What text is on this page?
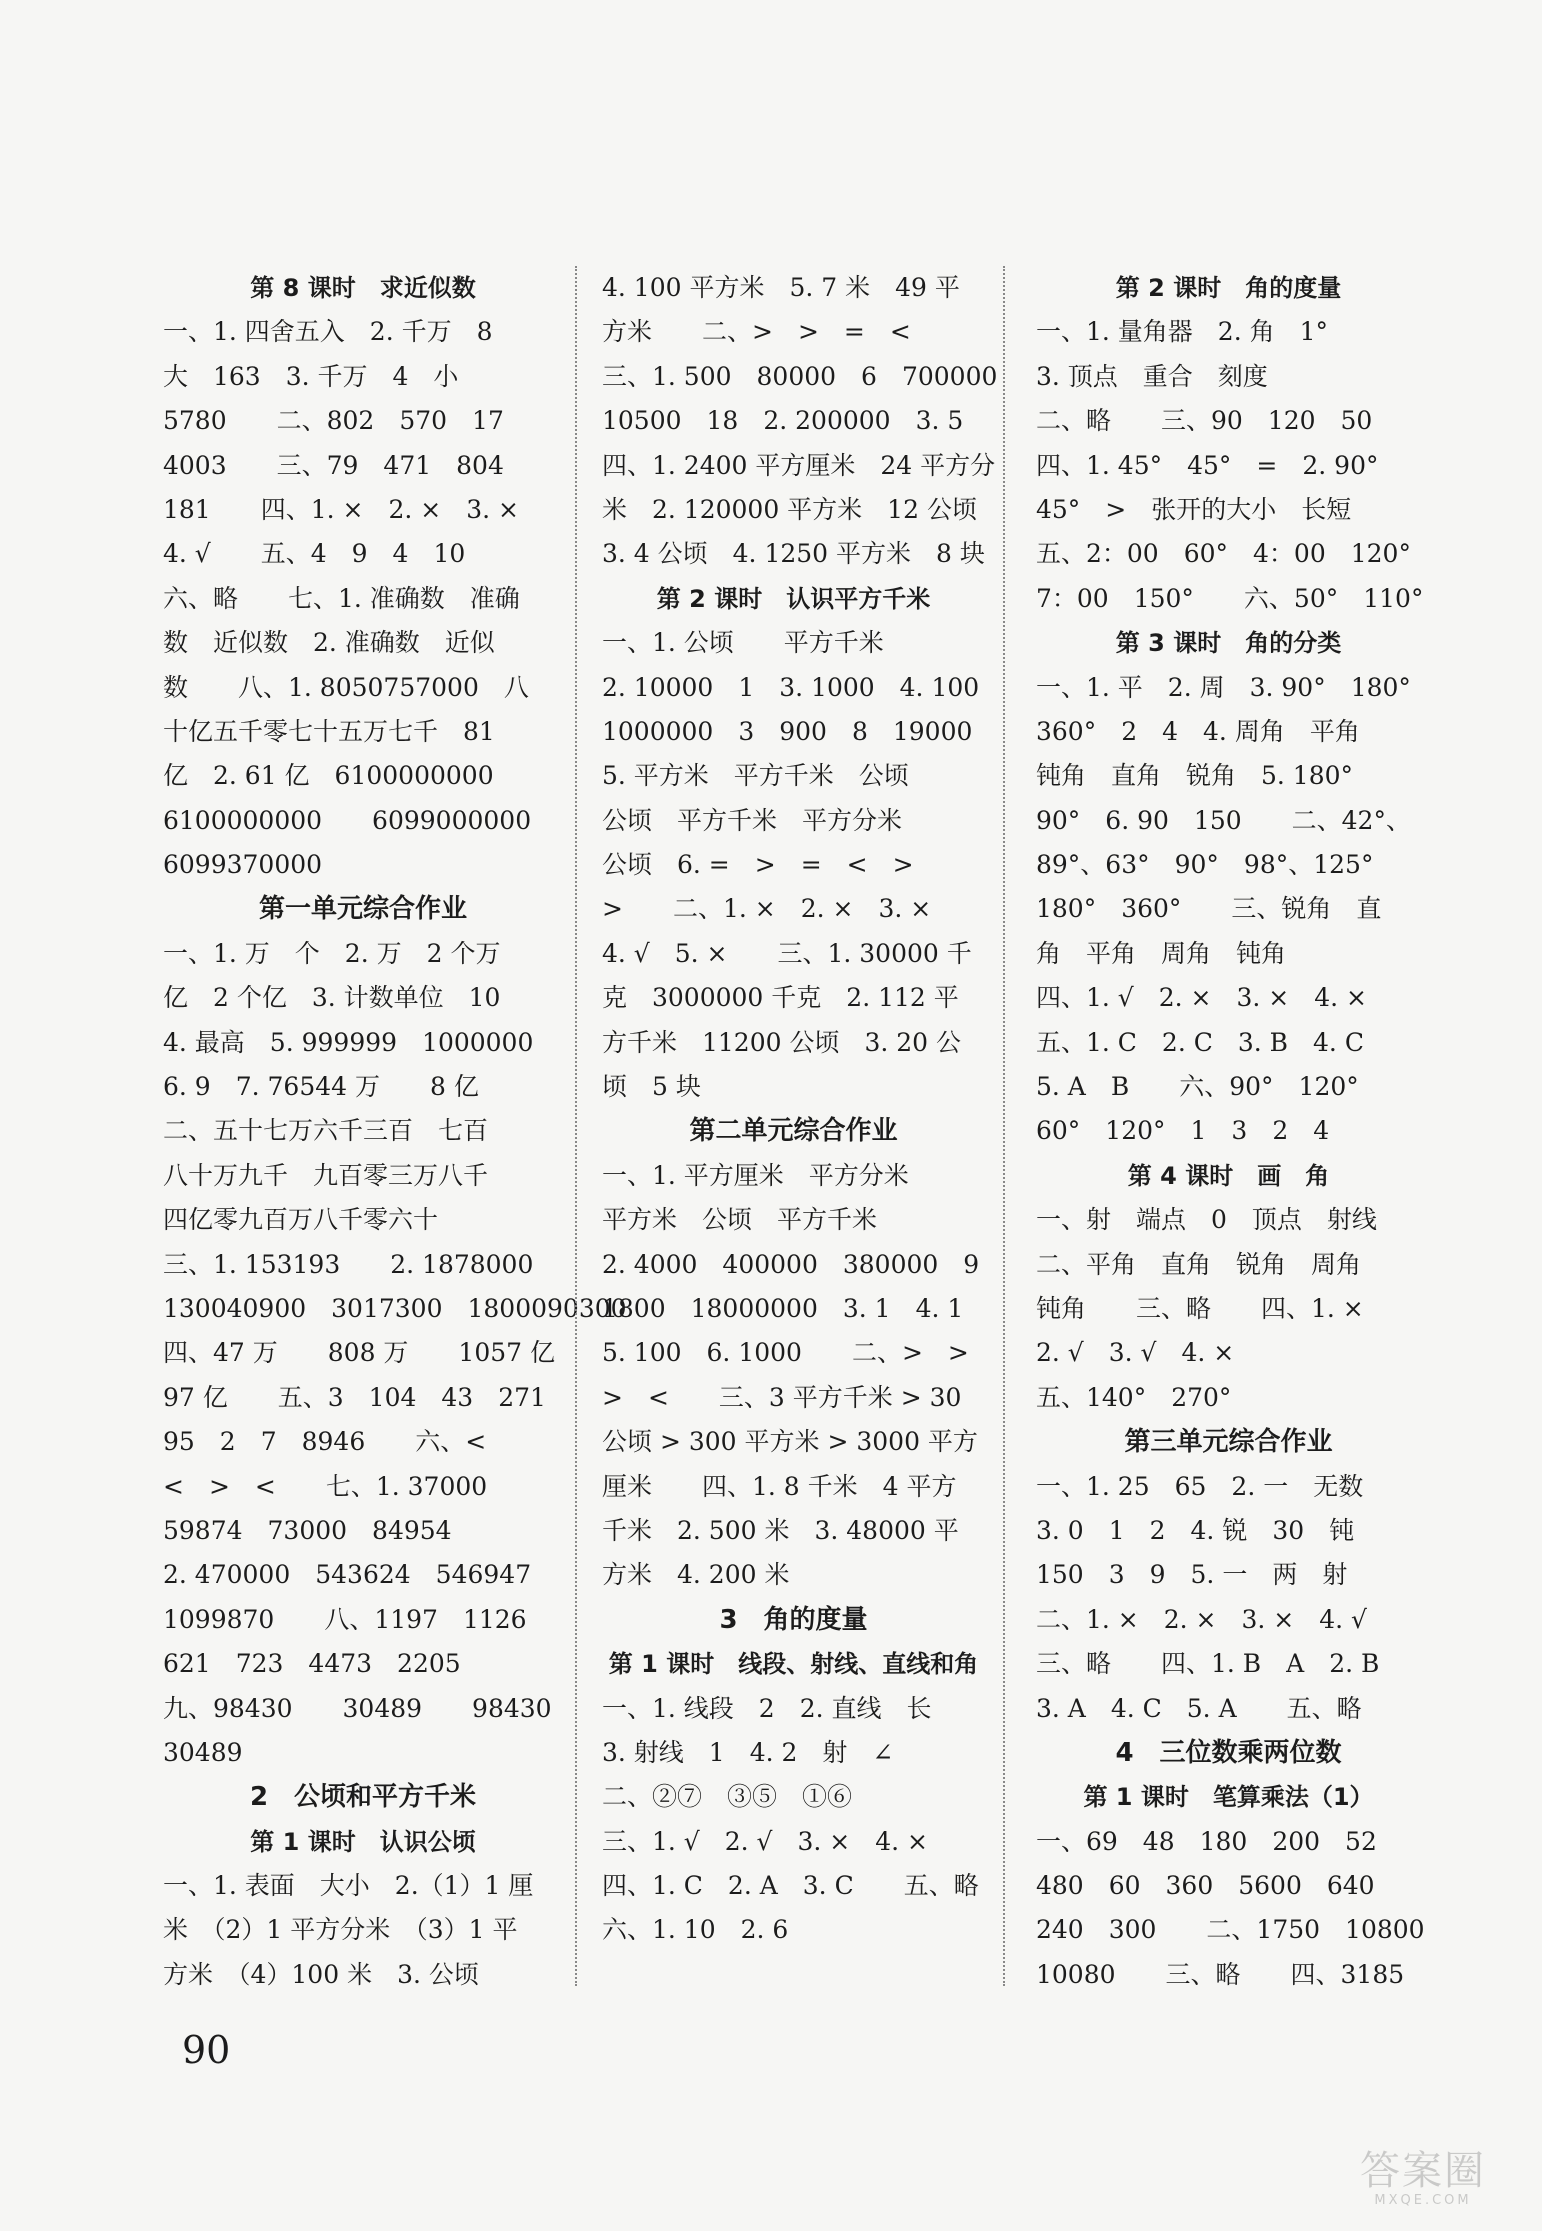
第 8 课时　求近似数
一、1. 四舍五入　2. 千万　8
大　163　3. 千万　4　小
5780　　二、802　570　17
4003　　三、79　471　804
181　　四、1. ×　2. ×　3. ×
4. √　　五、4　9　4　10
六、略　　七、1. 准确数　准确
数　近似数　2. 准确数　近似
数　　八、1. 8050757000　八
十亿五千零七十五万七千　81
亿　2. 61 亿　6100000000
6100000000　　6099000000
6099370000
第一单元综合作业
一、1. 万　个　2. 万　2 个万
亿　2 个亿　3. 计数单位　10
4. 最高　5. 999999　1000000
6. 9　7. 76544 万　　8 亿
二、五十七万六千三百　七百
八十万九千　九百零三万八千
四亿零九百万八千零六十
三、1. 153193　　2. 1878000
130040900　3017300　1800090300
四、47 万　　808 万　　1057 亿
97 亿　　五、3　104　43　271
95　2　7　8946　　六、<
<　>　<　　七、1. 37000
59874　73000　84954
2. 470000　543624　546947
1099870　　八、1197　1126
621　723　4473　2205
九、98430　　30489　　98430
30489
2　公顷和平方千米
第 1 课时　认识公顷
一、1. 表面　大小　2.（1）1 厘
米　（2）1 平方分米　（3）1 平
方米　（4）100 米　3. 公顷
4. 100 平方米　5. 7 米　49 平
方米　　二、>　>　=　<
三、1. 500　80000　6　700000
10500　18　2. 200000　3. 5
四、1. 2400 平方厘米　24 平方分
米　2. 120000 平方米　12 公顷
3. 4 公顷　4. 1250 平方米　8 块
第 2 课时　认识平方千米
一、1. 公顷　　平方千米
2. 10000　1　3. 1000　4. 100
1000000　3　900　8　19000
5. 平方米　平方千米　公顷
公顷　平方千米　平方分米
公顷　6. =　>　=　<　>
>　　二、1. ×　2. ×　3. ×
4. √　5. ×　　三、1. 30000 千
克　3000000 千克　2. 112 平
方千米　11200 公顷　3. 20 公
顷　5 块
第二单元综合作业
一、1. 平方厘米　平方分米
平方米　公顷　平方千米
2. 4000　400000　380000　9
1800　18000000　3. 1　4. 1
5. 100　6. 1000　　二、>　>
>　<　　三、3 平方千米 > 30
公顷 > 300 平方米 > 3000 平方
厘米　　四、1. 8 千米　4 平方
千米　2. 500 米　3. 48000 平
方米　4. 200 米
3　角的度量
第 1 课时　线段、射线、直线和角
一、1. 线段　2　2. 直线　长
3. 射线　1　4. 2　射　∠
二、②⑦　③⑤　①⑥
三、1. √　2. √　3. ×　4. ×
四、1. C　2. A　3. C　　五、略
六、1. 10　2. 6
第 2 课时　角的度量
一、1. 量角器　2. 角　1°
3. 顶点　重合　刻度
二、略　　三、90　120　50
四、1. 45°　45°　=　2. 90°
45°　>　张开的大小　长短
五、2：00　60°　4：00　120°
7：00　150°　　六、50°　110°
第 3 课时　角的分类
一、1. 平　2. 周　3. 90°　180°
360°　2　4　4. 周角　平角
钝角　直角　锐角　5. 180°
90°　6. 90　150　　二、42°、
89°、63°　90°　98°、125°
180°　360°　　三、锐角　直
角　平角　周角　钝角
四、1. √　2. ×　3. ×　4. ×
五、1. C　2. C　3. B　4. C
5. A　B　　六、90°　120°
60°　120°　1　3　2　4
第 4 课时　画　角
一、射　端点　0　顶点　射线
二、平角　直角　锐角　周角
钝角　　三、略　　四、1. ×
2. √　3. √　4. ×
五、140°　270°
第三单元综合作业
一、1. 25　65　2. 一　无数
3. 0　1　2　4. 锐　30　钝
150　3　9　5. 一　两　射
二、1. ×　2. ×　3. ×　4. √
三、略　　四、1. B　A　2. B
3. A　4. C　5. A　　五、略
4　三位数乘两位数
第 1 课时　笔算乘法（1）
一、69　48　180　200　52
480　60　360　5600　640
240　300　　二、1750　10800
10080　　三、略　　四、3185
90
答案圈
MXQE.COM
